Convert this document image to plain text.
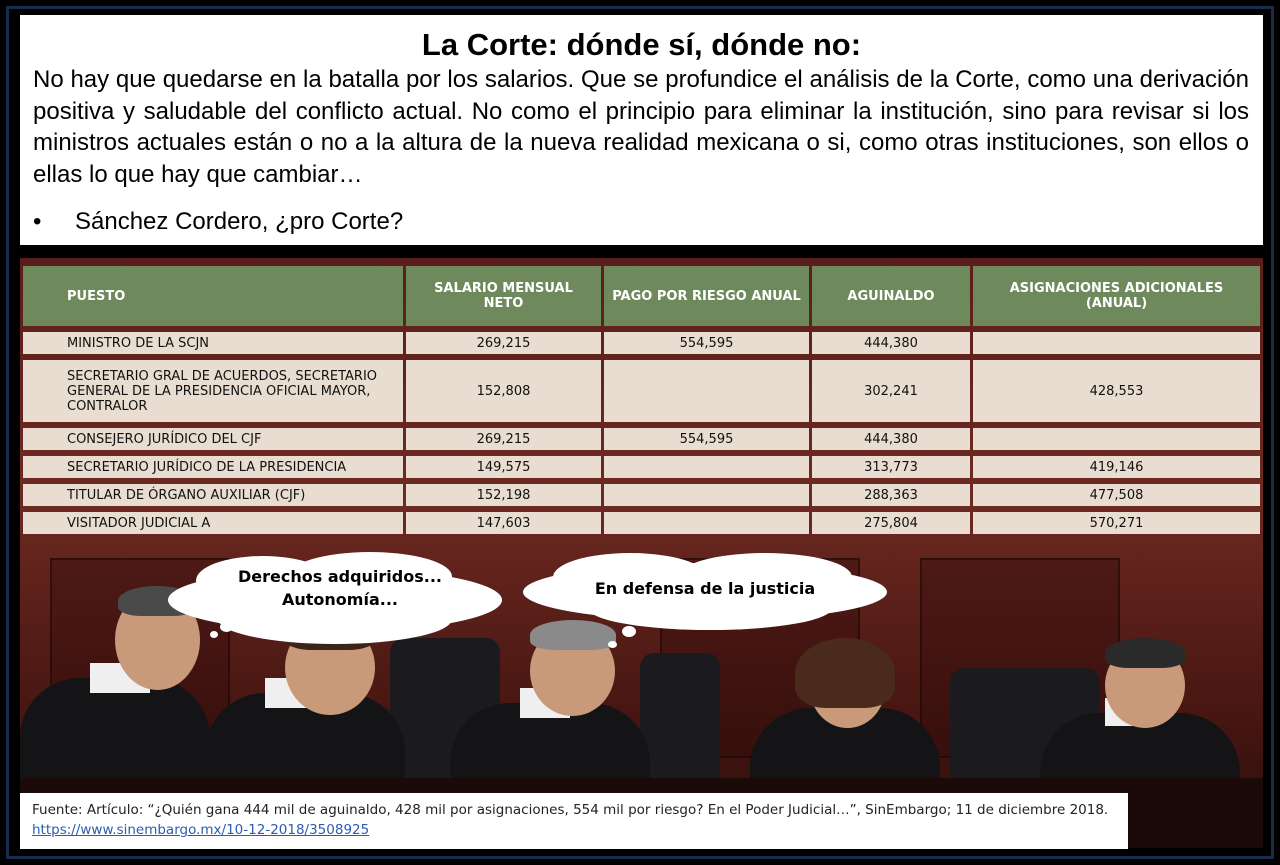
La Corte: dónde sí, dónde no:
No hay que quedarse en la batalla por los salarios. Que se profundice el análisis de la Corte, como una derivación positiva y saludable del conflicto actual. No como el principio para eliminar la institución, sino para revisar si los ministros actuales están o no a la altura de la nueva realidad mexicana o si, como otras instituciones, son ellos o ellas lo que hay que cambiar…
• Sánchez Cordero, ¿pro Corte?
PUESTO	SALARIO MENSUAL NETO	PAGO POR RIESGO ANUAL	AGUINALDO	ASIGNACIONES ADICIONALES (ANUAL)
MINISTRO DE LA SCJN	269,215	554,595	444,380	
SECRETARIO GRAL DE ACUERDOS, SECRETARIO GENERAL DE LA PRESIDENCIA OFICIAL MAYOR, CONTRALOR	152,808		302,241	428,553
CONSEJERO JURÍDICO DEL CJF	269,215	554,595	444,380	
SECRETARIO JURÍDICO DE LA PRESIDENCIA	149,575		313,773	419,146
TITULAR DE ÓRGANO AUXILIAR (CJF)	152,198		288,363	477,508
VISITADOR JUDICIAL A	147,603		275,804	570,271
Derechos adquiridos...
Autonomía...
En defensa de la justicia
Fuente: Artículo: “¿Quién gana 444 mil de aguinaldo, 428 mil por asignaciones, 554 mil por riesgo? En el Poder Judicial…”, SinEmbargo; 11 de diciembre 2018.
https://www.sinembargo.mx/10-12-2018/3508925
